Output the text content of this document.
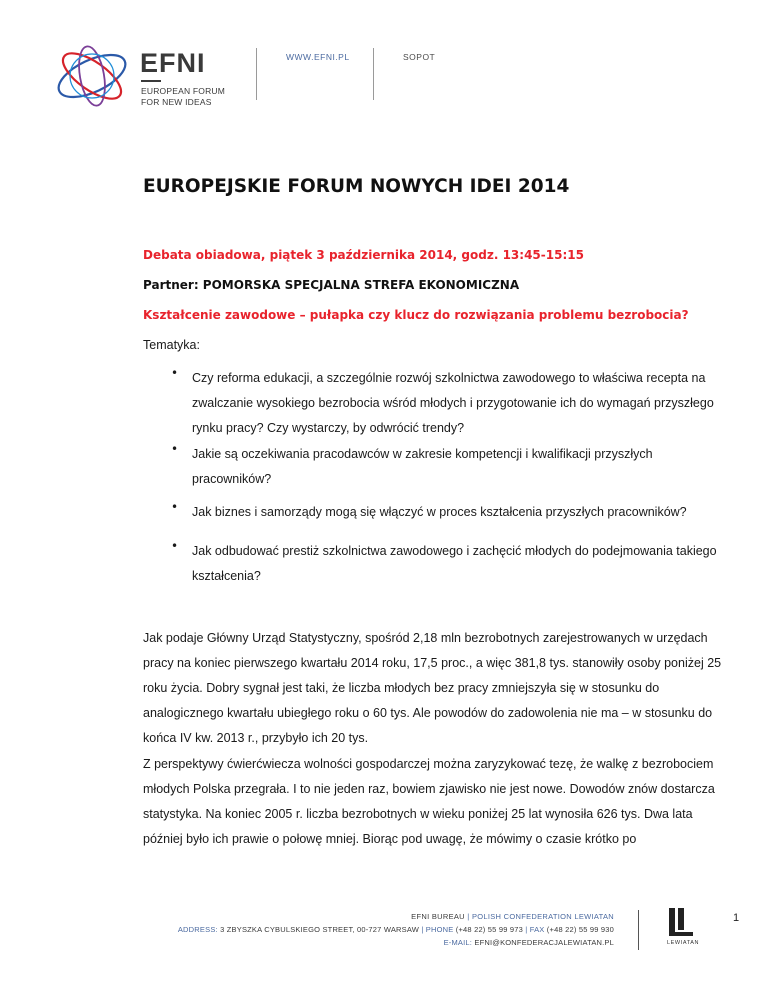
EFNI
EUROPEAN FORUM
FOR NEW IDEAS
WWW.EFNI.PL	SOPOT
EUROPEJSKIE FORUM NOWYCH IDEI 2014
Debata obiadowa, piątek 3 października 2014, godz. 13:45-15:15
Partner: POMORSKA SPECJALNA STREFA EKONOMICZNA
Kształcenie zawodowe – pułapka czy klucz do rozwiązania problemu bezrobocia?
Tematyka:
• Czy reforma edukacji, a szczególnie rozwój szkolnictwa zawodowego to właściwa recepta na zwalczanie wysokiego bezrobocia wśród młodych i przygotowanie ich do wymagań przyszłego rynku pracy? Czy wystarczy, by odwrócić trendy?
• Jakie są oczekiwania pracodawców w zakresie kompetencji i kwalifikacji przyszłych pracowników?
• Jak biznes i samorządy mogą się włączyć w proces kształcenia przyszłych pracowników?
• Jak odbudować prestiż szkolnictwa zawodowego i zachęcić młodych do podejmowania takiego kształcenia?
Jak podaje Główny Urząd Statystyczny, spośród 2,18 mln bezrobotnych zarejestrowanych w urzędach pracy na koniec pierwszego kwartału 2014 roku, 17,5 proc., a więc 381,8 tys. stanowiły osoby poniżej 25 roku życia. Dobry sygnał jest taki, że liczba młodych bez pracy zmniejszyła się w stosunku do analogicznego kwartału ubiegłego roku o 60 tys. Ale powodów do zadowolenia nie ma – w stosunku do końca IV kw. 2013 r., przybyło ich 20 tys.
Z perspektywy ćwierćwiecza wolności gospodarczej można zaryzykować tezę, że walkę z bezrobociem młodych Polska przegrała. I to nie jeden raz, bowiem zjawisko nie jest nowe. Dowodów znów dostarcza statystyka. Na koniec 2005 r. liczba bezrobotnych w wieku poniżej 25 lat wynosiła 626 tys. Dwa lata później było ich prawie o połowę mniej. Biorąc pod uwagę, że mówimy o czasie krótko po
EFNI BUREAU | POLISH CONFEDERATION LEWIATAN
ADDRESS: 3 ZBYSZKA CYBULSKIEGO STREET, 00-727 WARSAW | PHONE (+48 22) 55 99 973 | FAX (+48 22) 55 99 930
E-MAIL: EFNI@KONFEDERACJALEWIATAN.PL	LEWIATAN
1
